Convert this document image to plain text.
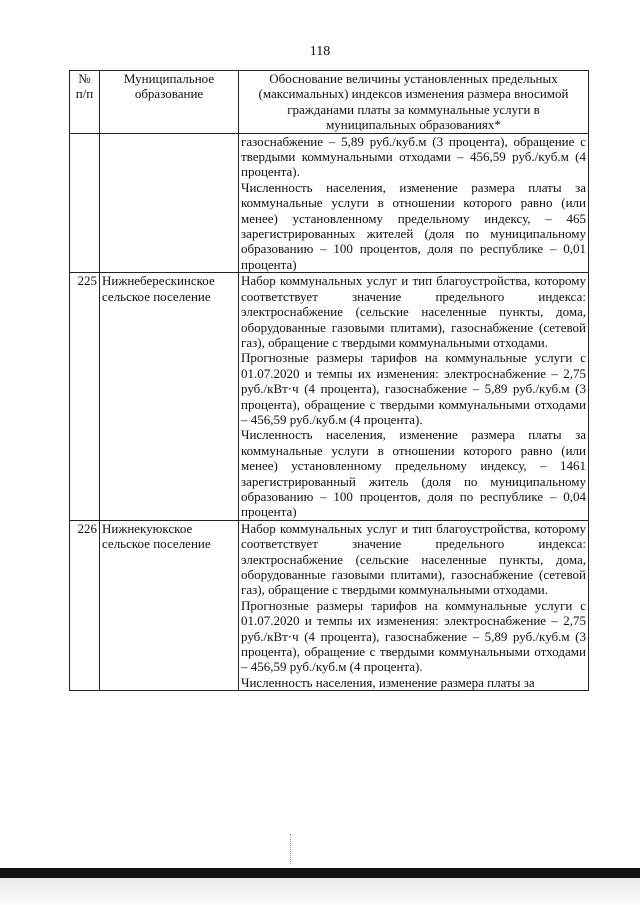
118
№ п/п	Муниципальное образование	Обоснование величины установленных предельных (максимальных) индексов изменения размера вносимой гражданами платы за коммунальные услуги в муниципальных образованиях*

		газоснабжение – 5,89 руб./куб.м (3 процента), обращение с твердыми коммунальными отходами – 456,59 руб./куб.м (4 процента).

Численность населения, изменение размера платы за коммунальные услуги в отношении которого равно (или менее) установленному предельному индексу, – 465 зарегистрированных жителей (доля по муниципальному образованию – 100 процентов, доля по республике – 0,01 процента)

225	Нижнеберескинское сельское поселение	Набор коммунальных услуг и тип благоустройства, которому соответствует значение предельного индекса: электроснабжение (сельские населенные пункты, дома, оборудованные газовыми плитами), газоснабжение (сетевой газ), обращение с твердыми коммунальными отходами.

Прогнозные размеры тарифов на коммунальные услуги с 01.07.2020 и темпы их изменения: электроснабжение – 2,75 руб./кВт·ч (4 процента), газоснабжение – 5,89 руб./куб.м (3 процента), обращение с твердыми коммунальными отходами – 456,59 руб./куб.м (4 процента).

Численность населения, изменение размера платы за коммунальные услуги в отношении которого равно (или менее) установленному предельному индексу, – 1461 зарегистрированный житель (доля по муниципальному образованию – 100 процентов, доля по республике – 0,04 процента)

226	Нижнекуюкское сельское поселение	Набор коммунальных услуг и тип благоустройства, которому соответствует значение предельного индекса: электроснабжение (сельские населенные пункты, дома, оборудованные газовыми плитами), газоснабжение (сетевой газ), обращение с твердыми коммунальными отходами.

Прогнозные размеры тарифов на коммунальные услуги с 01.07.2020 и темпы их изменения: электроснабжение – 2,75 руб./кВт·ч (4 процента), газоснабжение – 5,89 руб./куб.м (3 процента), обращение с твердыми коммунальными отходами – 456,59 руб./куб.м (4 процента).

Численность населения, изменение размера платы за
